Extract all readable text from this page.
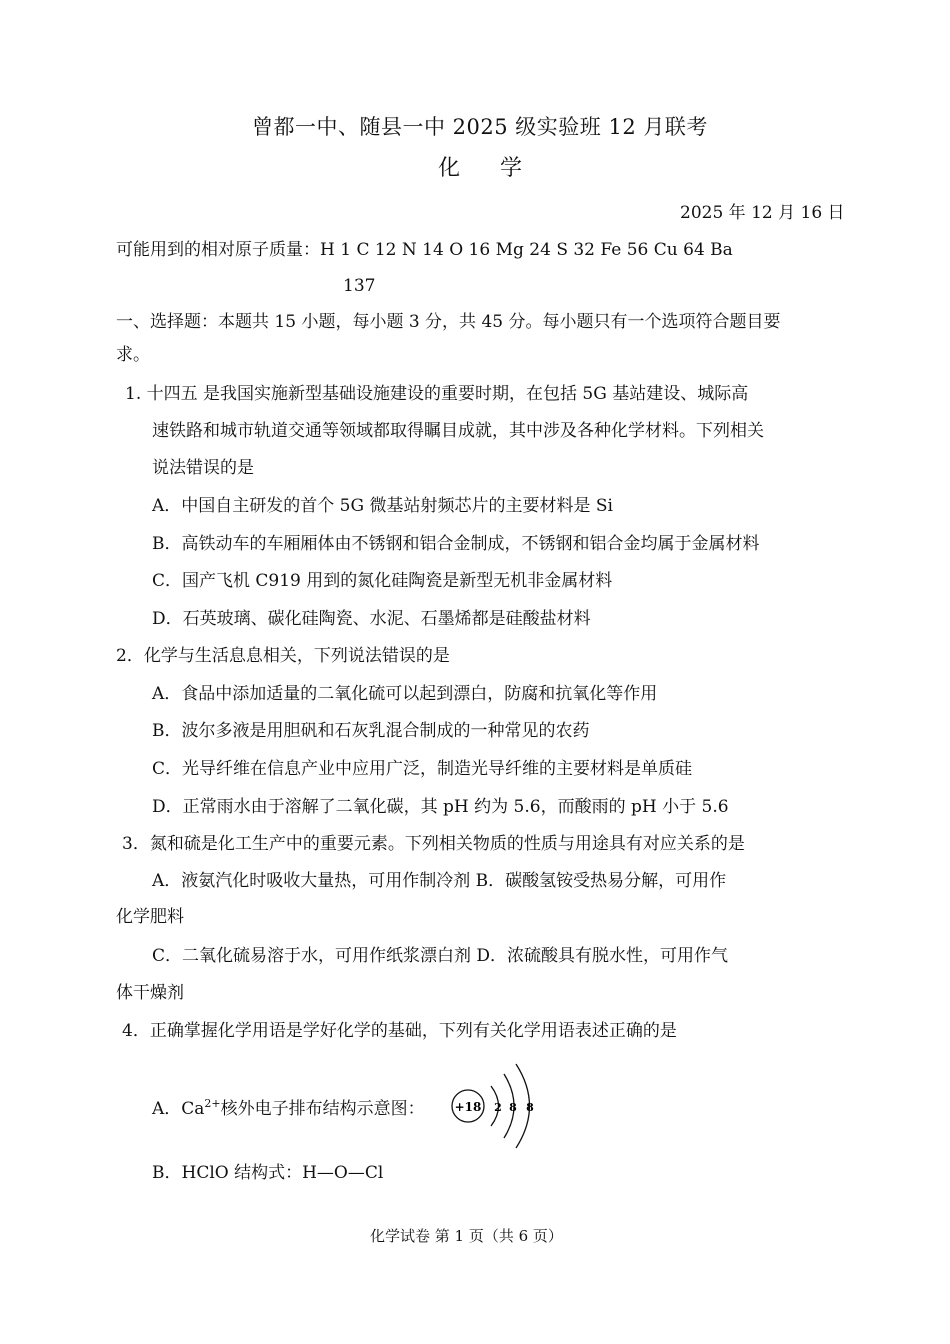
曾都一中、随县一中 2025 级实验班 12 月联考
化 学
2025 年 12 月 16 日
可能用到的相对原子质量：H 1 C 12 N 14 O 16 Mg 24 S 32 Fe 56 Cu 64 Ba
137
一、选择题：本题共 15 小题，每小题 3 分，共 45 分。每小题只有一个选项符合题目要
求。
1. 十四五 是我国实施新型基础设施建设的重要时期，在包括 5G 基站建设、城际高
速铁路和城市轨道交通等领域都取得瞩目成就，其中涉及各种化学材料。下列相关
说法错误的是
A．中国自主研发的首个 5G 微基站射频芯片的主要材料是 Si
B．高铁动车的车厢厢体由不锈钢和铝合金制成，不锈钢和铝合金均属于金属材料
C．国产飞机 C919 用到的氮化硅陶瓷是新型无机非金属材料
D．石英玻璃、碳化硅陶瓷、水泥、石墨烯都是硅酸盐材料
2．化学与生活息息相关，下列说法错误的是
A．食品中添加适量的二氧化硫可以起到漂白，防腐和抗氧化等作用
B．波尔多液是用胆矾和石灰乳混合制成的一种常见的农药
C．光导纤维在信息产业中应用广泛，制造光导纤维的主要材料是单质硅
D．正常雨水由于溶解了二氧化碳，其 pH 约为 5.6，而酸雨的 pH 小于 5.6
3．氮和硫是化工生产中的重要元素。下列相关物质的性质与用途具有对应关系的是
A．液氨汽化时吸收大量热，可用作制冷剂 B．碳酸氢铵受热易分解，可用作
化学肥料
C．二氧化硫易溶于水，可用作纸浆漂白剂 D．浓硫酸具有脱水性，可用作气
体干燥剂
4．正确掌握化学用语是学好化学的基础，下列有关化学用语表述正确的是
A．$Ca^{2+}$核外电子排布结构示意图： +18 2 8 8
B．HClO 结构式：H—O—Cl
化学试卷 第 1 页（共 6 页）
